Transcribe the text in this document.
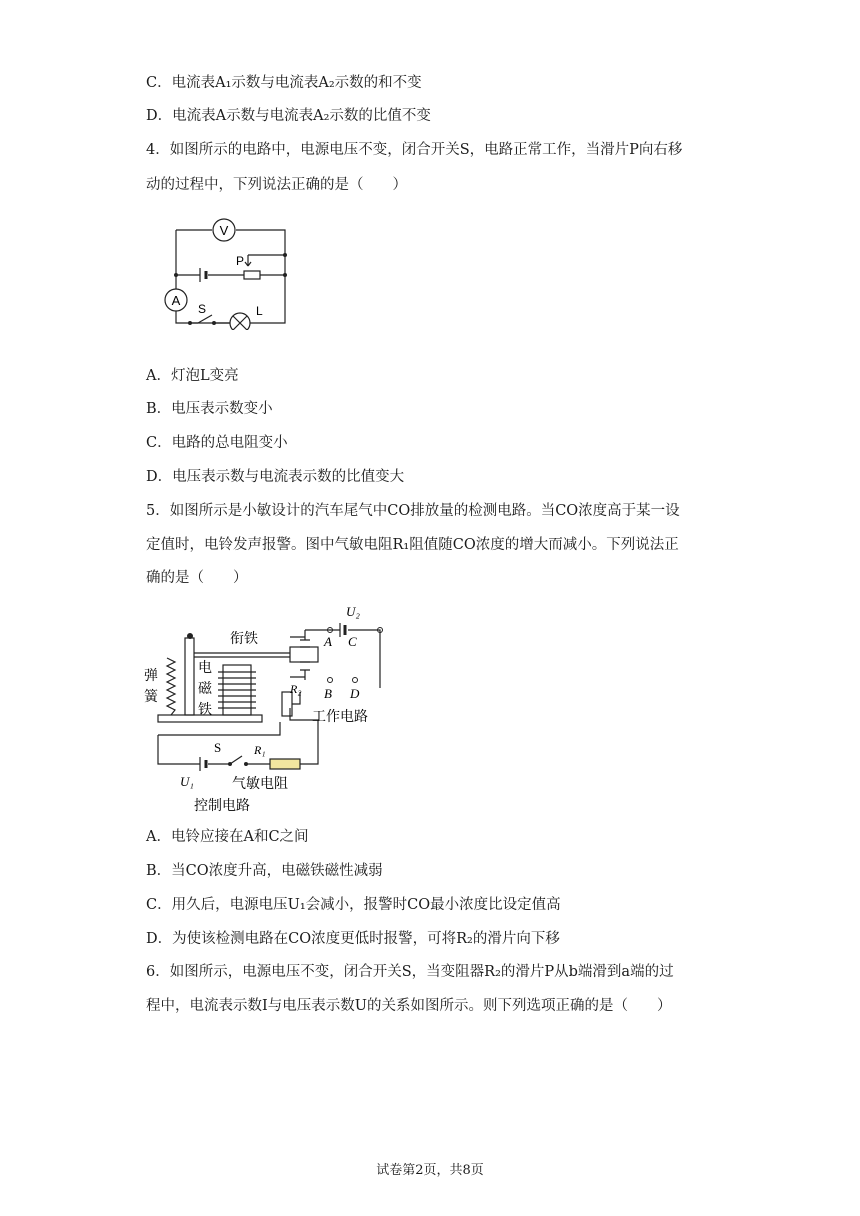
C．电流表A₁示数与电流表A₂示数的和不变
D．电流表A示数与电流表A₂示数的比值不变
4．如图所示的电路中，电源电压不变，闭合开关S，电路正常工作，当滑片P向右移
动的过程中，下列说法正确的是（　　）
V
A
P
S	L
A．灯泡L变亮
B．电压表示数变小
C．电路的总电阻变小
D．电压表示数与电流表示数的比值变大
5．如图所示是小敏设计的汽车尾气中CO排放量的检测电路。当CO浓度高于某一设
定值时，电铃发声报警。图中气敏电阻R₁阻值随CO浓度的增大而减小。下列说法正
确的是（　　）
衔铁
弹
簧
电
磁
铁
U₂
A C
B D
R₂
工作电路
S	R₁
U₁	气敏电阻
控制电路
A．电铃应接在A和C之间
B．当CO浓度升高，电磁铁磁性减弱
C．用久后，电源电压U₁会减小，报警时CO最小浓度比设定值高
D．为使该检测电路在CO浓度更低时报警，可将R₂的滑片向下移
6．如图所示，电源电压不变，闭合开关S，当变阻器R₂的滑片P从b端滑到a端的过
程中，电流表示数I与电压表示数U的关系如图所示。则下列选项正确的是（　　）
试卷第2页，共8页
